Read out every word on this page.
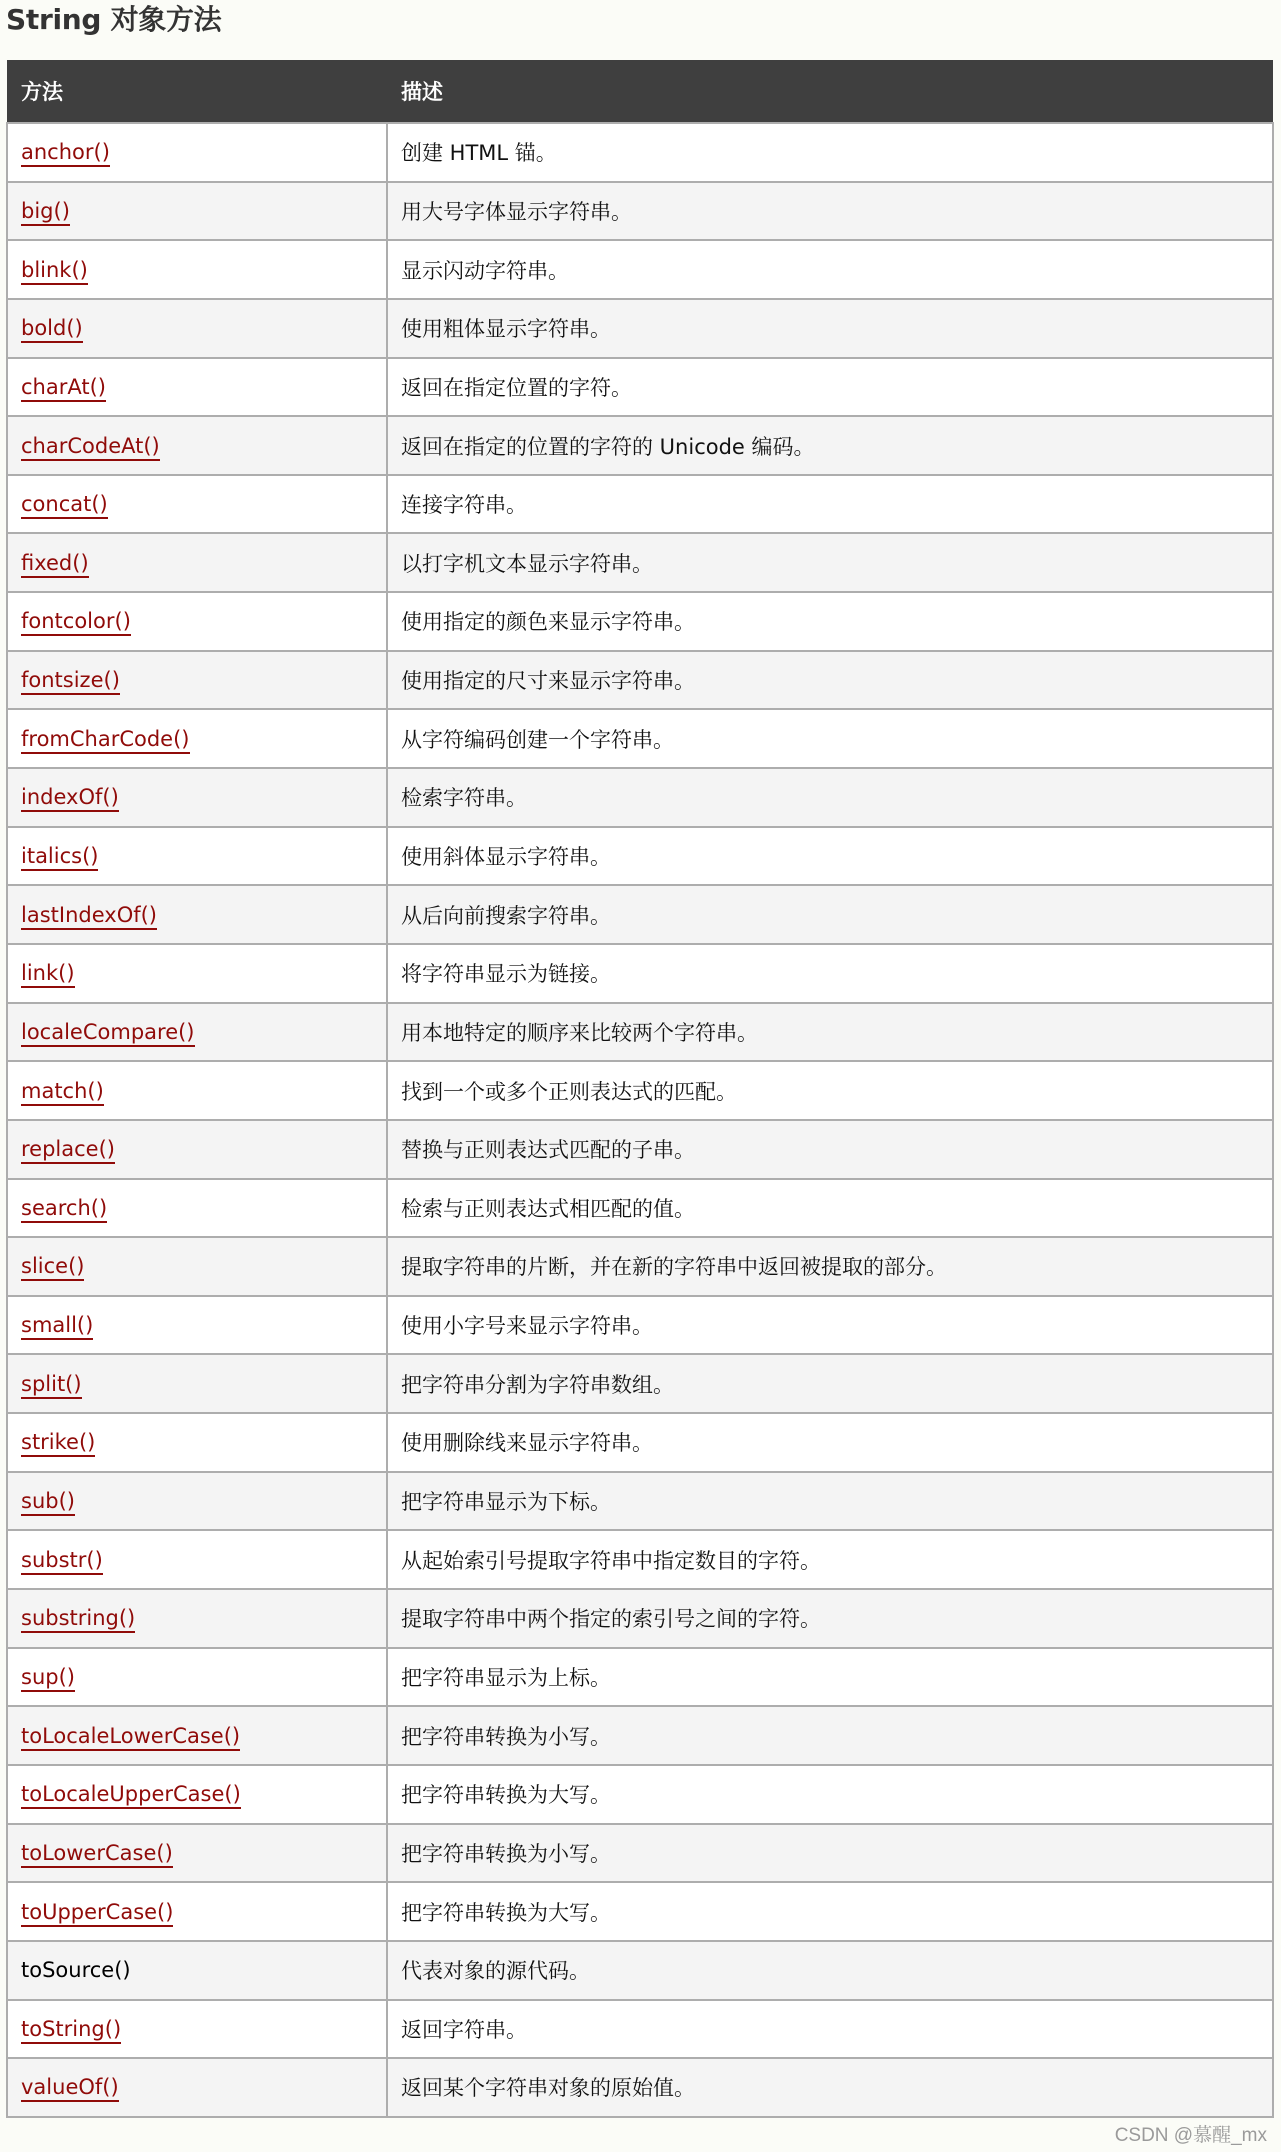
String 对象方法
方法	描述
anchor()	创建 HTML 锚。
big()	用大号字体显示字符串。
blink()	显示闪动字符串。
bold()	使用粗体显示字符串。
charAt()	返回在指定位置的字符。
charCodeAt()	返回在指定的位置的字符的 Unicode 编码。
concat()	连接字符串。
fixed()	以打字机文本显示字符串。
fontcolor()	使用指定的颜色来显示字符串。
fontsize()	使用指定的尺寸来显示字符串。
fromCharCode()	从字符编码创建一个字符串。
indexOf()	检索字符串。
italics()	使用斜体显示字符串。
lastIndexOf()	从后向前搜索字符串。
link()	将字符串显示为链接。
localeCompare()	用本地特定的顺序来比较两个字符串。
match()	找到一个或多个正则表达式的匹配。
replace()	替换与正则表达式匹配的子串。
search()	检索与正则表达式相匹配的值。
slice()	提取字符串的片断，并在新的字符串中返回被提取的部分。
small()	使用小字号来显示字符串。
split()	把字符串分割为字符串数组。
strike()	使用删除线来显示字符串。
sub()	把字符串显示为下标。
substr()	从起始索引号提取字符串中指定数目的字符。
substring()	提取字符串中两个指定的索引号之间的字符。
sup()	把字符串显示为上标。
toLocaleLowerCase()	把字符串转换为小写。
toLocaleUpperCase()	把字符串转换为大写。
toLowerCase()	把字符串转换为小写。
toUpperCase()	把字符串转换为大写。
toSource()	代表对象的源代码。
toString()	返回字符串。
valueOf()	返回某个字符串对象的原始值。
CSDN @慕醒_mx
